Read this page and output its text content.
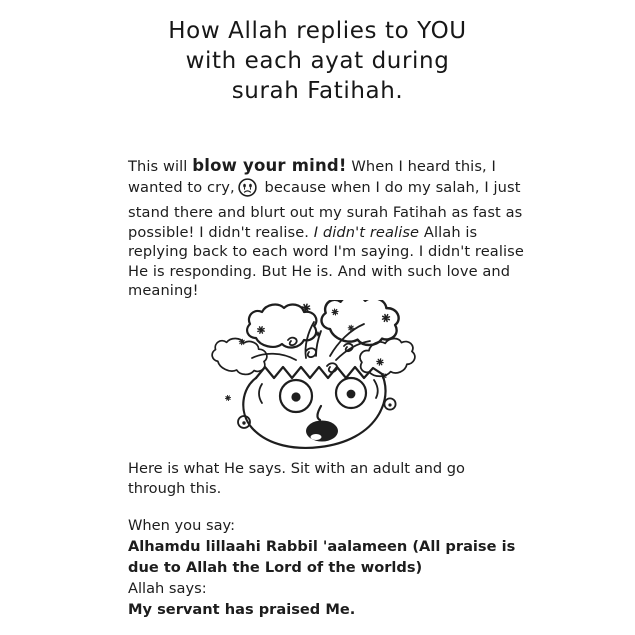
How Allah replies to YOU
with each ayat during
surah Fatihah.
This will blow your mind! When I heard this, I wanted to cry, because when I do my salah, I just stand there and blurt out my surah Fatihah as fast as possible! I didn't realise. I didn't realise Allah is replying back to each word I'm saying. I didn't realise He is responding. But He is. And with such love and meaning!
Here is what He says. Sit with an adult and go through this.
When you say:
Alhamdu lillaahi Rabbil 'aalameen (All praise is due to Allah the Lord of the worlds)
Allah says:
My servant has praised Me.
